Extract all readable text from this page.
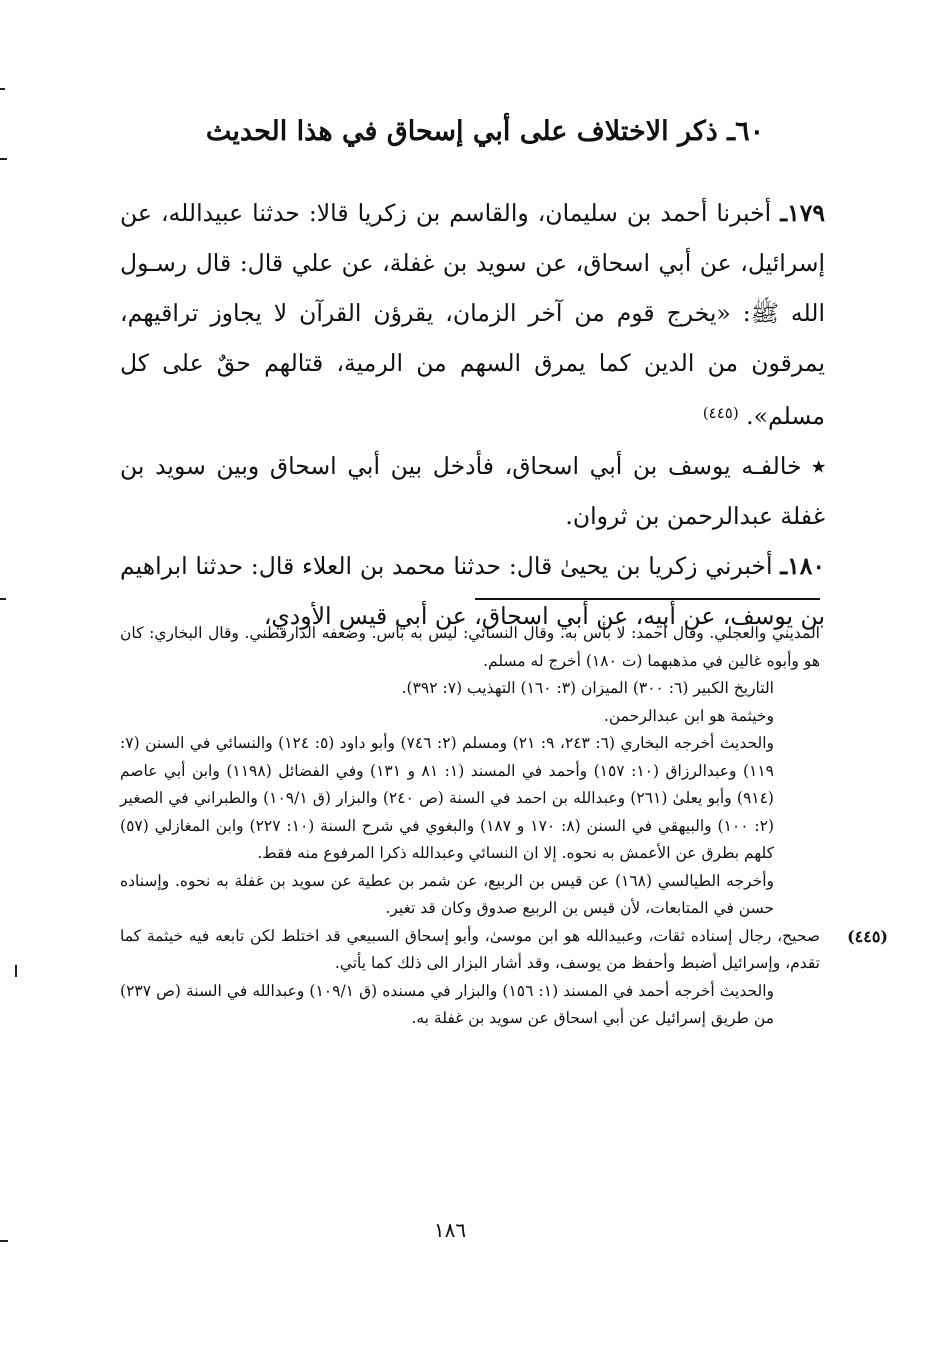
٦٠ـ ذكر الاختلاف على أبي إسحاق في هذا الحديث

١٧٩ـ أخبرنا أحمد بن سليمان، والقاسم بن زكريا قالا: حدثنا عبيدالله، عن إسرائيل، عن أبي اسحاق، عن سويد بن غفلة، عن علي قال: قال رسـول الله ﷺ: «يخرج قوم من آخر الزمان، يقرؤن القرآن لا يجاوز تراقيهم، يمرقون من الدين كما يمرق السهم من الرمية، قتالهم حقٌ على كل مسلم». $^{(٤٤٥)}$

٭ خالفـه يوسف بن أبي اسحاق، فأدخل بين أبي اسحاق وبين سويد بن غفلة عبدالرحمن بن ثروان.

١٨٠ـ أخبرني زكريا بن يحيىٰ قال: حدثنا محمد بن العلاء قال: حدثنا ابراهيم بن يوسف، عن أبيه، عن أبي اسحاق، عن أبي قيس الأودي،

المديني والعجلي. وقال أحمد: لا بأس به. وقال النسائي: ليس به بأس. وضعفه الدارقطني. وقال البخاري: كان هو وأبوه غالين في مذهبهما (ت ١٨٠) أخرج له مسلم.

التاريخ الكبير (٦: ٣٠٠) الميزان (٣: ١٦٠) التهذيب (٧: ٣٩٢).

وخيثمة هو ابن عبدالرحمن.

والحديث أخرجه البخاري (٦: ٢٤٣، ٩: ٢١) ومسلم (٢: ٧٤٦) وأبو داود (٥: ١٢٤) والنسائي في السنن (٧: ١١٩) وعبدالرزاق (١٠: ١٥٧) وأحمد في المسند (١: ٨١ و ١٣١) وفي الفضائل (١١٩٨) وابن أبي عاصم (٩١٤) وأبو يعلىٰ (٢٦١) وعبدالله بن احمد في السنة (ص ٢٤٠) والبزار (ق ١٠٩/١) والطبراني في الصغير (٢: ١٠٠) والبيهقي في السنن (٨: ١٧٠ و ١٨٧) والبغوي في شرح السنة (١٠: ٢٢٧) وابن المغازلي (٥٧) كلهم بطرق عن الأعمش به نحوه. إلا ان النسائي وعبدالله ذكرا المرفوع منه فقط.

وأخرجه الطيالسي (١٦٨) عن قيس بن الربيع، عن شمر بن عطية عن سويد بن غفلة به نحوه. وإسناده حسن في المتابعات، لأن قيس بن الربيع صدوق وكان قد تغير.

(٤٤٥)
صحيح، رجال إسناده ثقات، وعبيدالله هو ابن موسىٰ، وأبو إسحاق السبيعي قد اختلط لكن تابعه فيه خيثمة كما تقدم، وإسرائيل أضبط وأحفظ من يوسف، وقد أشار البزار الى ذلك كما يأتي.

والحديث أخرجه أحمد في المسند (١: ١٥٦) والبزار في مسنده (ق ١٠٩/١) وعبدالله في السنة (ص ٢٣٧) من طريق إسرائيل عن أبي اسحاق عن سويد بن غفلة به.

١٨٦
